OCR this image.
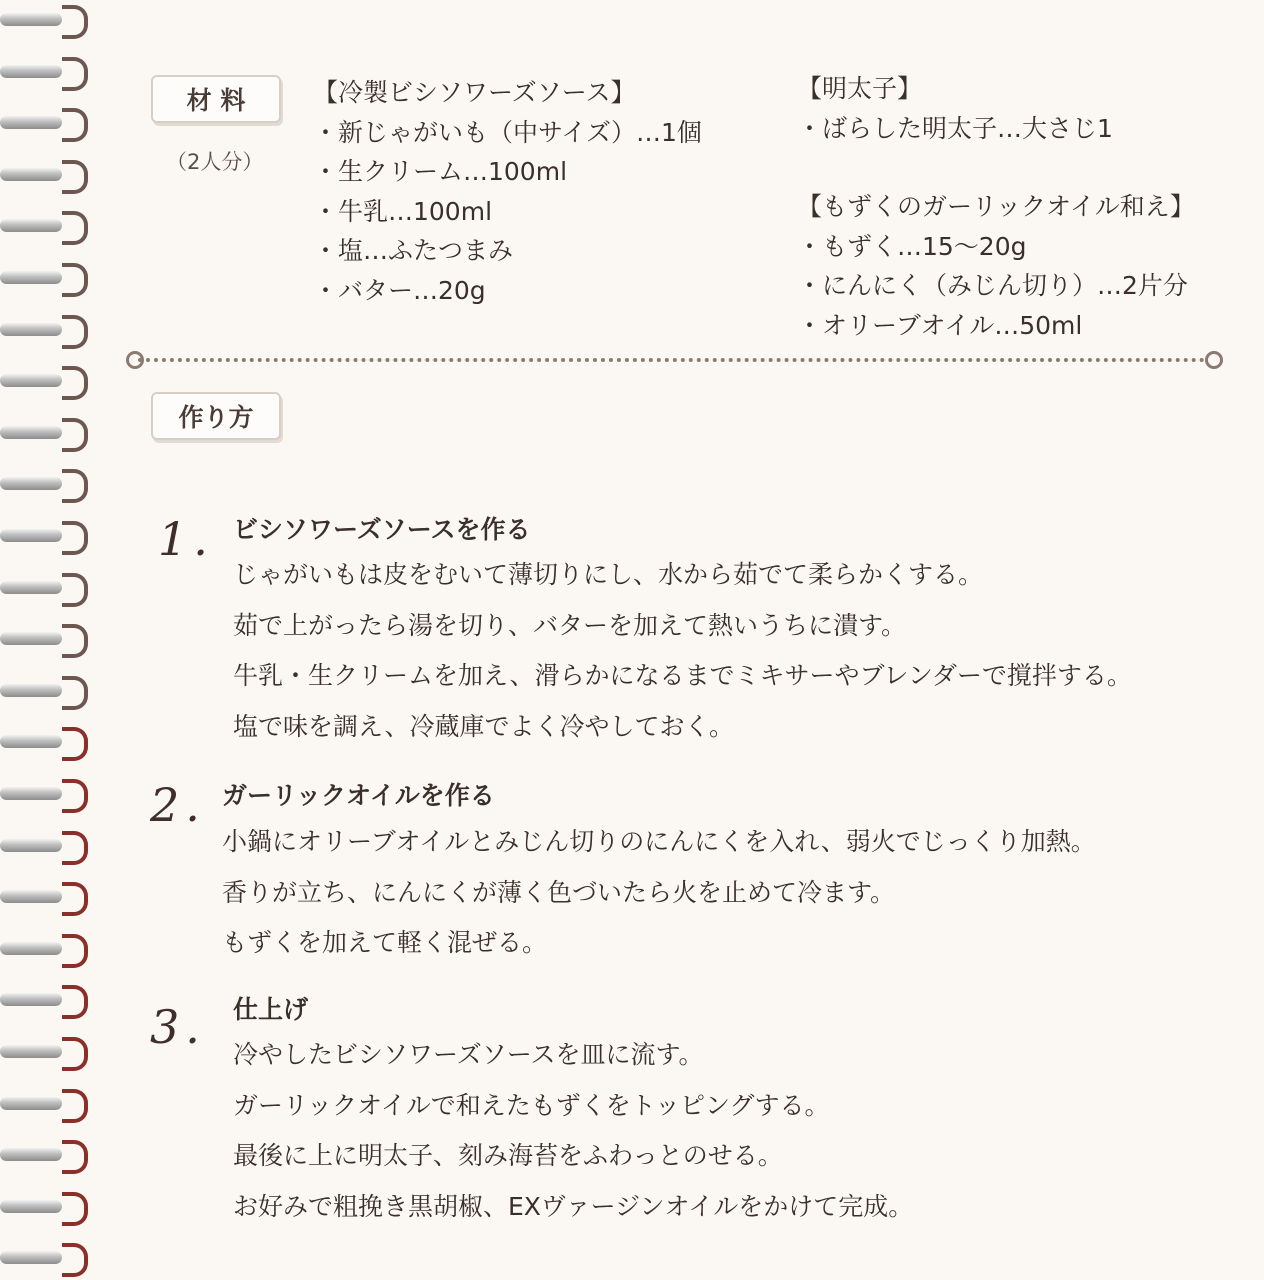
材 料
（2人分）
【冷製ビシソワーズソース】
・新じゃがいも（中サイズ）…1個
・生クリーム…100ml
・牛乳…100ml
・塩…ふたつまみ
・バター…20g
【明太子】
・ばらした明太子…大さじ1
【もずくのガーリックオイル和え】
・もずく…15〜20g
・にんにく（みじん切り）…2片分
・オリーブオイル…50ml
作り方
1. ビシソワーズソースを作る
じゃがいもは皮をむいて薄切りにし、水から茹でて柔らかくする。
茹で上がったら湯を切り、バターを加えて熱いうちに潰す。
牛乳・生クリームを加え、滑らかになるまでミキサーやブレンダーで撹拌する。
塩で味を調え、冷蔵庫でよく冷やしておく。
2. ガーリックオイルを作る
小鍋にオリーブオイルとみじん切りのにんにくを入れ、弱火でじっくり加熱。
香りが立ち、にんにくが薄く色づいたら火を止めて冷ます。
もずくを加えて軽く混ぜる。
3. 仕上げ
冷やしたビシソワーズソースを皿に流す。
ガーリックオイルで和えたもずくをトッピングする。
最後に上に明太子、刻み海苔をふわっとのせる。
お好みで粗挽き黒胡椒、EXヴァージンオイルをかけて完成。
